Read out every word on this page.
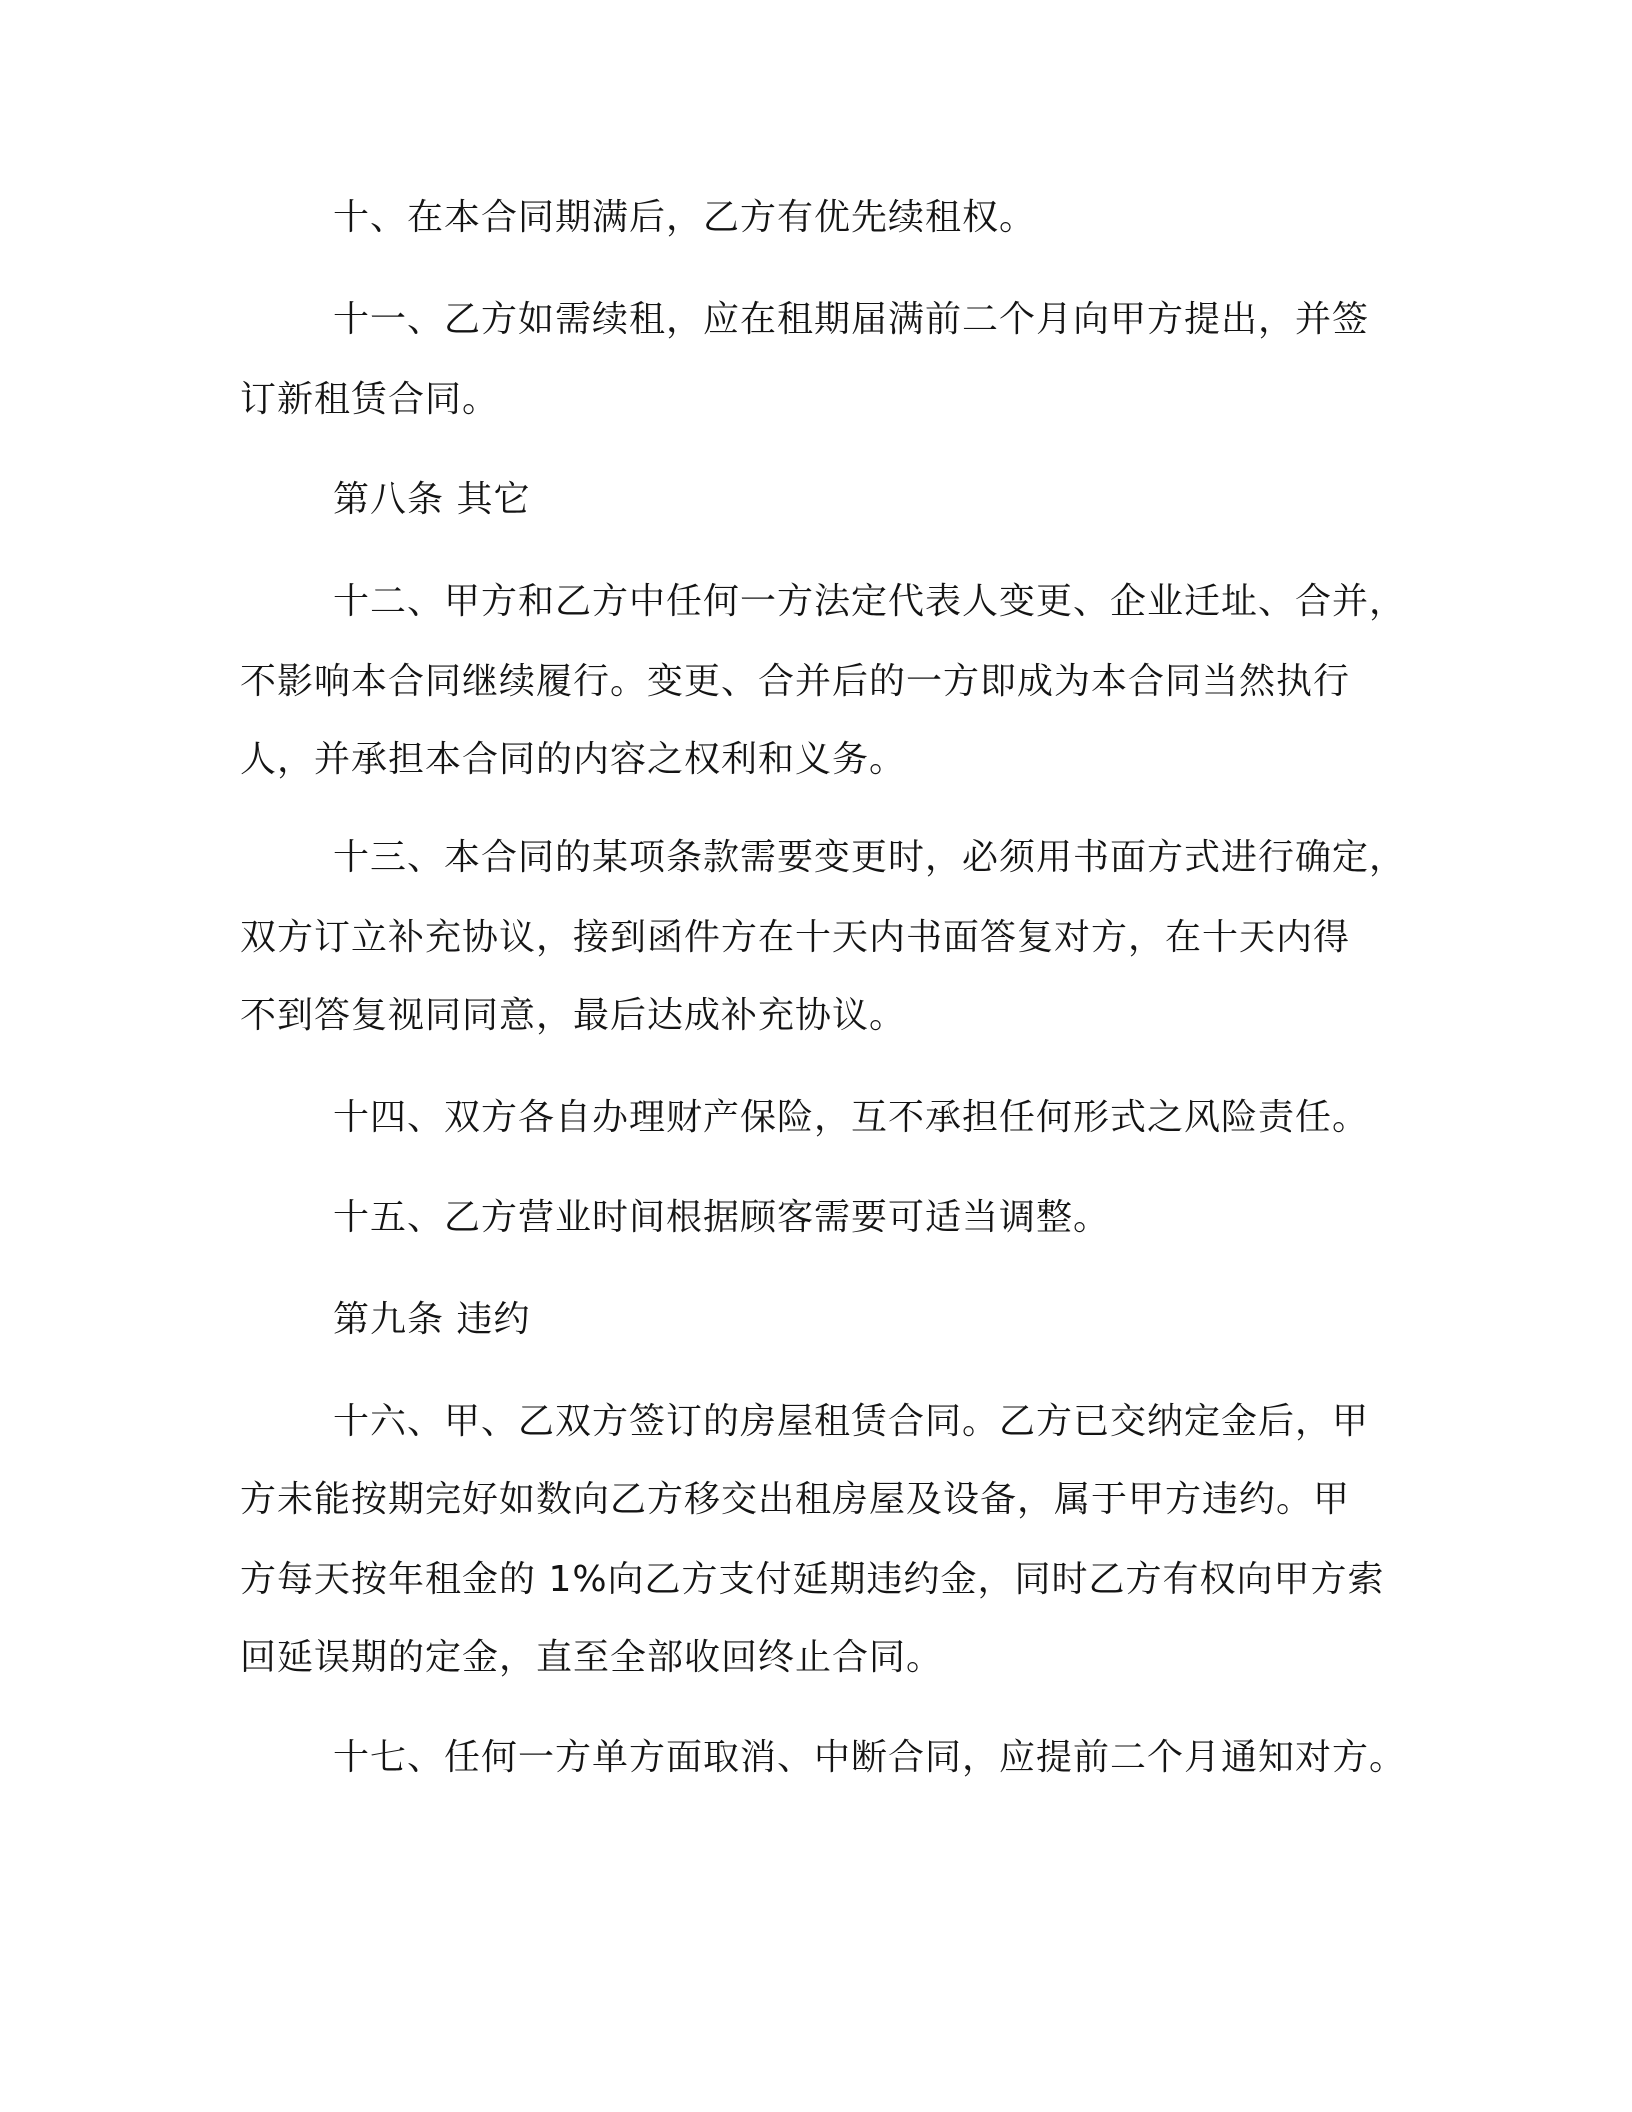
十、在本合同期满后，乙方有优先续租权。
十一、乙方如需续租，应在租期届满前二个月向甲方提出，并签
订新租赁合同。
第八条 其它
十二、甲方和乙方中任何一方法定代表人变更、企业迁址、合并，
不影响本合同继续履行。变更、合并后的一方即成为本合同当然执行
人，并承担本合同的内容之权利和义务。
十三、本合同的某项条款需要变更时，必须用书面方式进行确定，
双方订立补充协议，接到函件方在十天内书面答复对方，在十天内得
不到答复视同同意，最后达成补充协议。
十四、双方各自办理财产保险，互不承担任何形式之风险责任。
十五、乙方营业时间根据顾客需要可适当调整。
第九条 违约
十六、甲、乙双方签订的房屋租赁合同。乙方已交纳定金后，甲
方未能按期完好如数向乙方移交出租房屋及设备，属于甲方违约。甲
方每天按年租金的 1%向乙方支付延期违约金，同时乙方有权向甲方索
回延误期的定金，直至全部收回终止合同。
十七、任何一方单方面取消、中断合同，应提前二个月通知对方。
